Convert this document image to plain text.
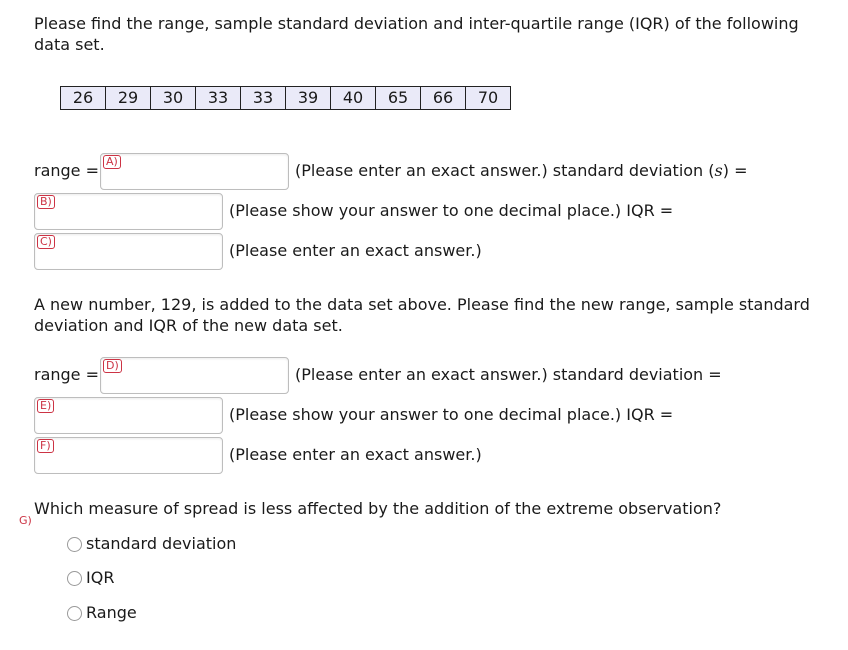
Please find the range, sample standard deviation and inter-quartile range (IQR) of the following data set.
26	29	30	33	33	39	40	65	66	70
range = A)	(Please enter an exact answer.) standard deviation (s) =
B)	(Please show your answer to one decimal place.) IQR =
C)	(Please enter an exact answer.)
A new number, 129, is added to the data set above. Please find the new range, sample standard deviation and IQR of the new data set.
range = D)	(Please enter an exact answer.) standard deviation =
E)	(Please show your answer to one decimal place.) IQR =
F)	(Please enter an exact answer.)
Which measure of spread is less affected by the addition of the extreme observation?
G)
standard deviation
IQR
Range
